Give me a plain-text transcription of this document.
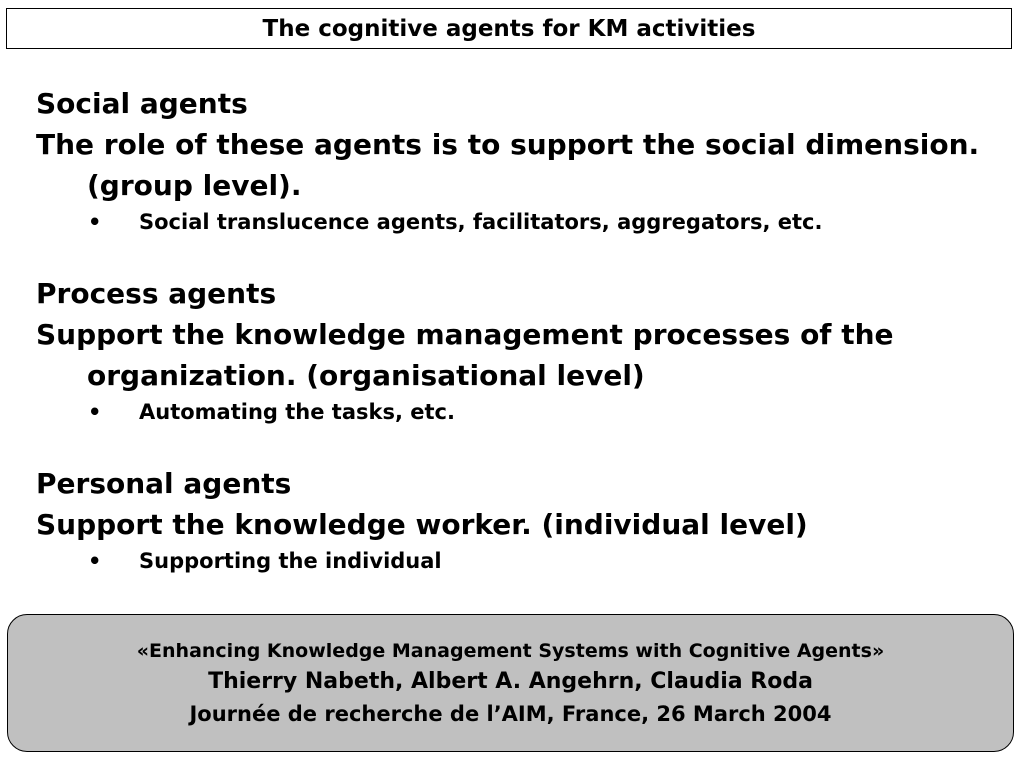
The cognitive agents for KM activities
Social agents
The role of these agents is to support the social dimension. (group level).
• Social translucence agents, facilitators, aggregators, etc.
Process agents
Support the knowledge management processes of the organization. (organisational level)
• Automating the tasks, etc.
Personal agents
Support the knowledge worker. (individual level)
• Supporting the individual
«Enhancing Knowledge Management Systems with Cognitive Agents»
Thierry Nabeth, Albert A. Angehrn, Claudia Roda
Journée de recherche de l’AIM, France, 26 March 2004
